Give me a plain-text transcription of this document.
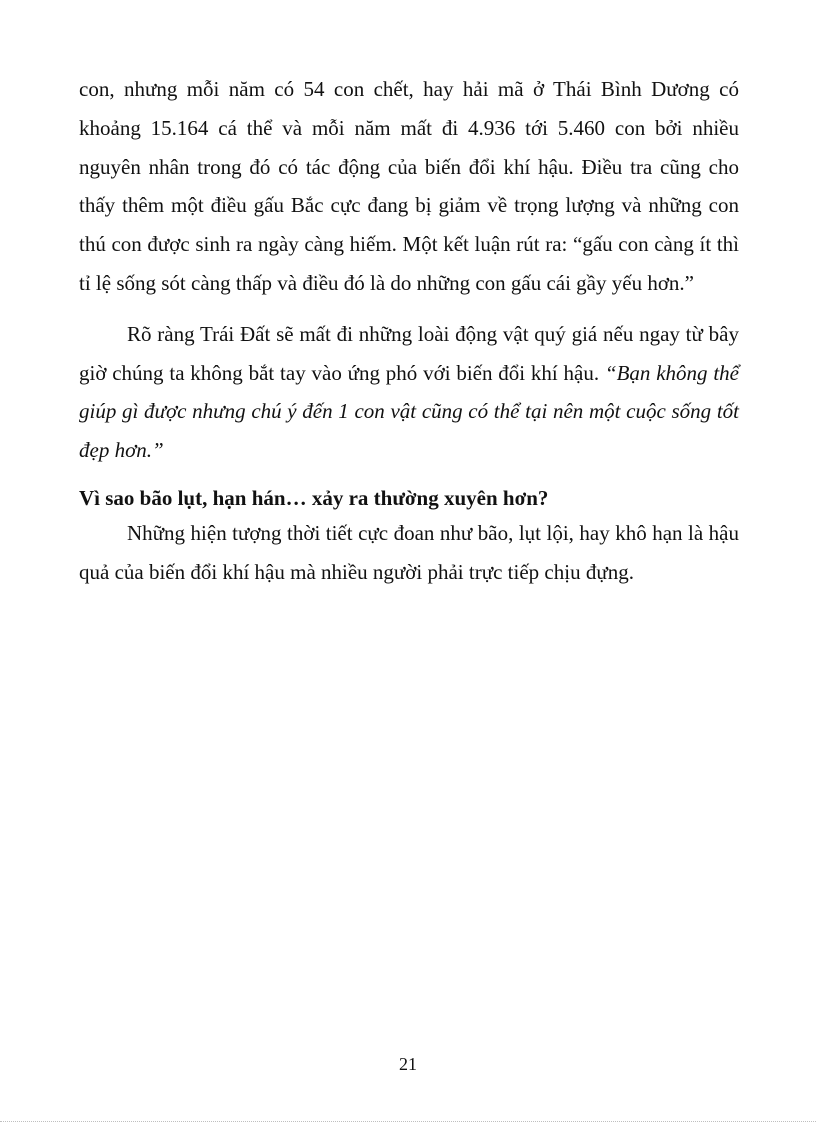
con, nhưng mỗi năm có 54 con chết, hay hải mã ở Thái Bình Dương có khoảng 15.164 cá thể và mỗi năm mất đi 4.936 tới 5.460 con bởi nhiều nguyên nhân trong đó có tác động của biến đổi khí hậu. Điều tra cũng cho thấy thêm một điều gấu Bắc cực đang bị giảm về trọng lượng và những con thú con được sinh ra ngày càng hiếm. Một kết luận rút ra: “gấu con càng ít thì tỉ lệ sống sót càng thấp và điều đó là do những con gấu cái gầy yếu hơn.”

Rõ ràng Trái Đất sẽ mất đi những loài động vật quý giá nếu ngay từ bây giờ chúng ta không bắt tay vào ứng phó với biến đổi khí hậu. “Bạn không thể giúp gì được nhưng chú ý đến 1 con vật cũng có thể tại nên một cuộc sống tốt đẹp hơn.”

Vì sao bão lụt, hạn hán… xảy ra thường xuyên hơn?

Những hiện tượng thời tiết cực đoan như bão, lụt lội, hay khô hạn là hậu quả của biến đổi khí hậu mà nhiều người phải trực tiếp chịu đựng.

21
